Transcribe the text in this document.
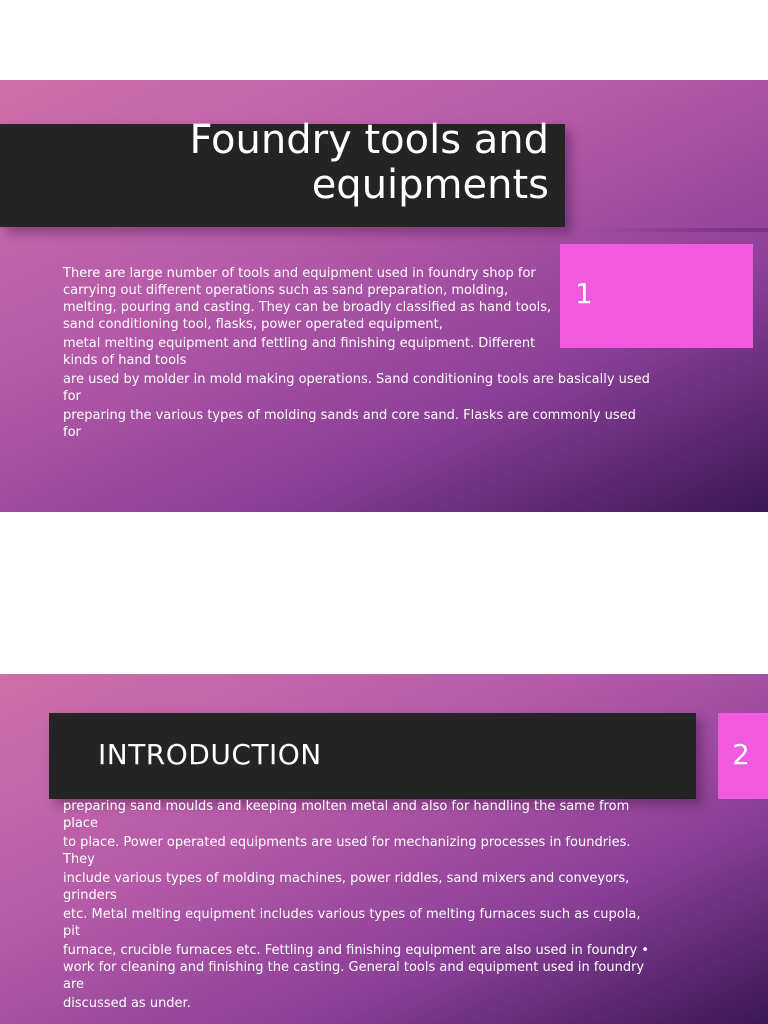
Foundry tools and equipments
1
There are large number of tools and equipment used in foundry shop for carrying out different operations such as sand preparation, molding, melting, pouring and casting. They can be broadly classified as hand tools, sand conditioning tool, flasks, power operated equipment,
metal melting equipment and fettling and finishing equipment. Different kinds of hand tools
are used by molder in mold making operations. Sand conditioning tools are basically used for
preparing the various types of molding sands and core sand. Flasks are commonly used for
INTRODUCTION	2
preparing sand moulds and keeping molten metal and also for handling the same from place
to place. Power operated equipments are used for mechanizing processes in foundries. They
include various types of molding machines, power riddles, sand mixers and conveyors, grinders
etc. Metal melting equipment includes various types of melting furnaces such as cupola, pit
furnace, crucible furnaces etc. Fettling and finishing equipment are also used in foundry • work for cleaning and finishing the casting. General tools and equipment used in foundry are
discussed as under.
